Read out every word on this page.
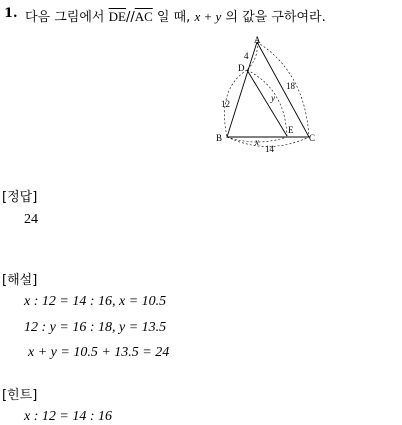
1. 다음 그림에서 $\overline{DE}//\overline{AC}$ 일 때, x + y 의 값을 구하여라.
A
D
B
E
C
4
12
18
y
x
14
[정답]
24
[해설]
x : 12 = 14 : 16, x = 10.5
12 : y = 16 : 18, y = 13.5
x + y = 10.5 + 13.5 = 24
[힌트]
x : 12 = 14 : 16
